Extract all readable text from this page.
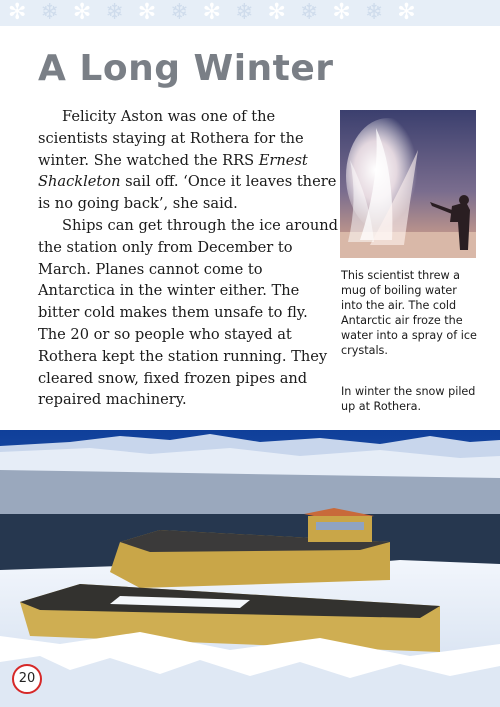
✻ ❄ ✻ ❄ ✻ ❄ ✻ ❄ ✻ ❄ ✻ ❄ ✻
A Long Winter

Felicity Aston was one of the scientists staying at Rothera for the winter. She watched the RRS Ernest Shackleton sail off. ‘Once it leaves there is no going back’, she said.

Ships can get through the ice around the station only from December to March. Planes cannot come to Antarctica in the winter either. The bitter cold makes them unsafe to fly. The 20 or so people who stayed at Rothera kept the station running. They cleared snow, fixed frozen pipes and repaired machinery.

This scientist threw a mug of boiling water into the air. The cold Antarctic air froze the water into a spray of ice crystals.
In winter the snow piled up at Rothera.
20
